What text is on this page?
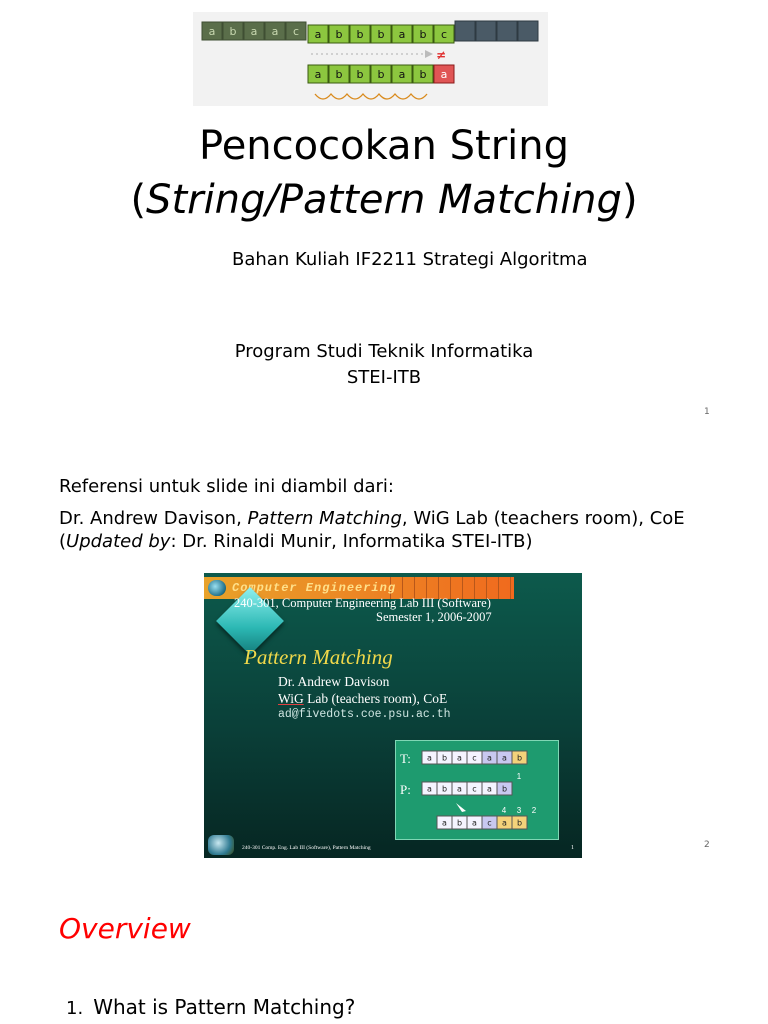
a b a a c a b b b a b c
≠
a b b b a b a
Pencocokan String
(String/Pattern Matching)
Bahan Kuliah IF2211 Strategi Algoritma
Program Studi Teknik Informatika
STEI-ITB
1
Referensi untuk slide ini diambil dari:
Dr. Andrew Davison, Pattern Matching, WiG Lab (teachers room), CoE
(Updated by: Dr. Rinaldi Munir, Informatika STEI-ITB)
Computer Engineering
240-301, Computer Engineering Lab III (Software)
Semester 1, 2006-2007
Pattern Matching
Dr. Andrew Davison
WiG Lab (teachers room), CoE
ad@fivedots.coe.psu.ac.th
T:
P:
a b a c a a b
a b a c a b
a b a c a b
1
4 3 2
240-301 Comp. Eng. Lab III (Software), Pattern Matching	1	2
Overview
1. What is Pattern Matching?
